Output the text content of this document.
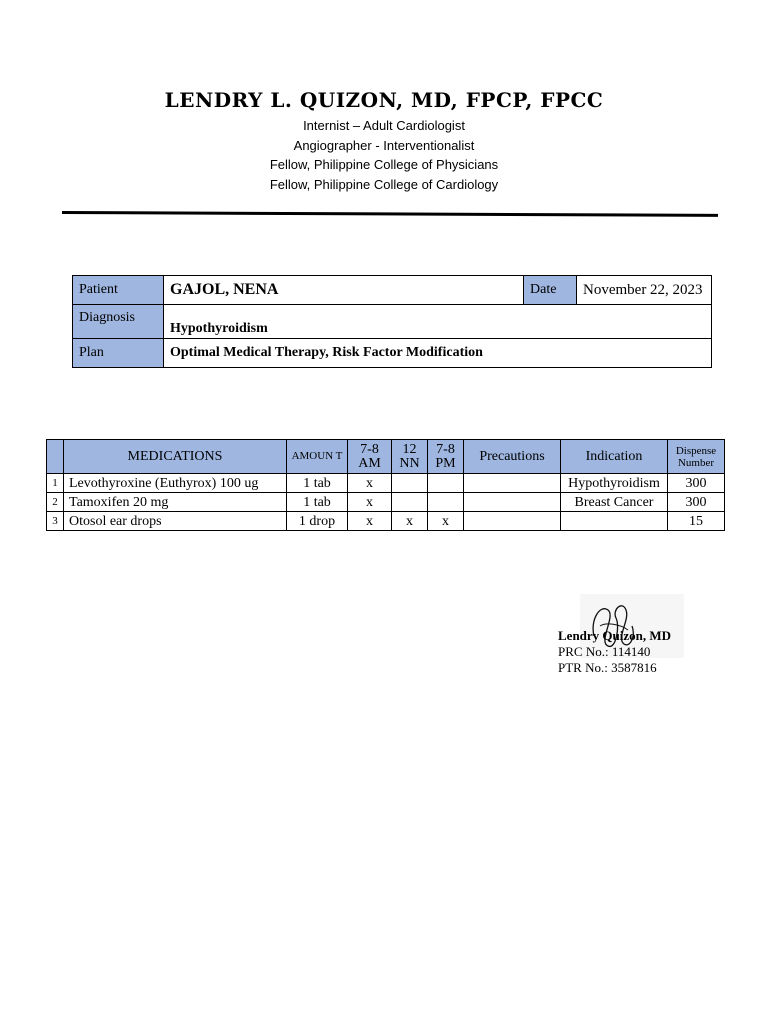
LENDRY L. QUIZON, MD, FPCP, FPCC
Internist – Adult Cardiologist
Angiographer - Interventionalist
Fellow, Philippine College of Physicians
Fellow, Philippine College of Cardiology
Patient	GAJOL, NENA	Date	November 22, 2023
Diagnosis	Hypothyroidism		
Plan	Optimal Medical Therapy, Risk Factor Modification		
	MEDICATIONS	AMOUN T	7-8 AM	12 NN	7-8 PM	Precautions	Indication	Dispense Number
1	Levothyroxine (Euthyrox) 100 ug	1 tab	x				Hypothyroidism	300
2	Tamoxifen 20 mg	1 tab	x				Breast Cancer	300
3	Otosol ear drops	1 drop	x	x	x			15
Lendry Quizon, MD
PRC No.: 114140
PTR No.: 3587816
